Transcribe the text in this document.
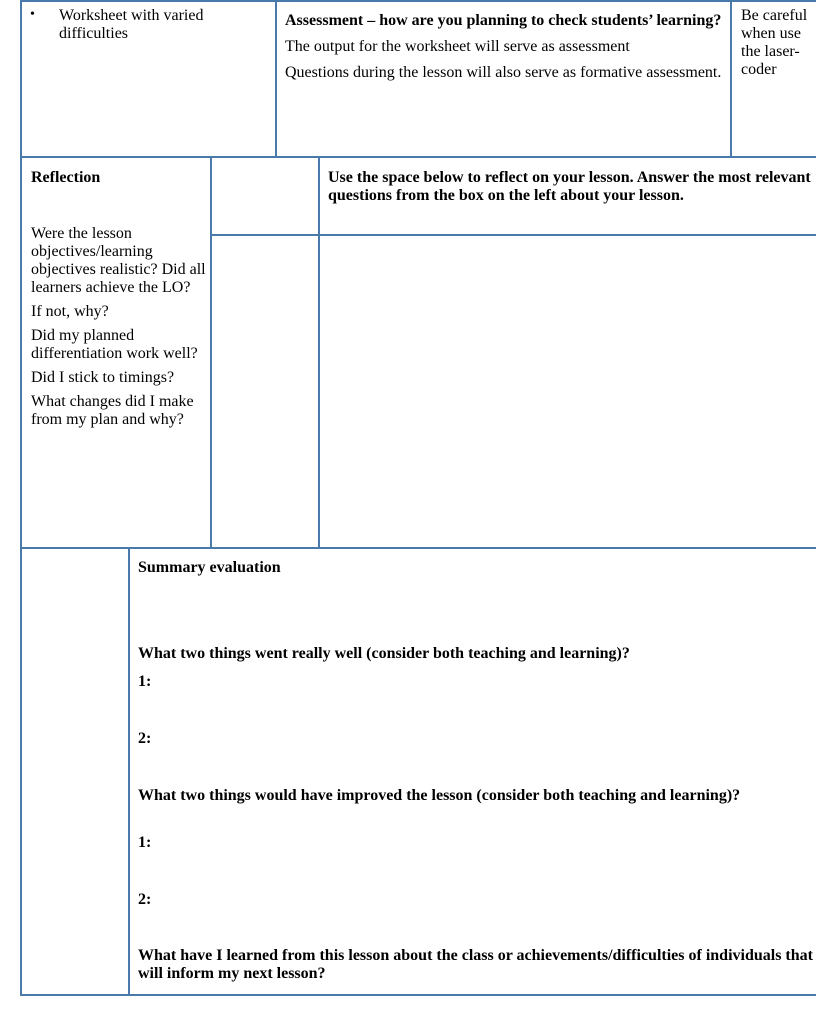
• Worksheet with varied difficulties

Assessment – how are you planning to check students’ learning?

The output for the worksheet will serve as assessment

Questions during the lesson will also serve as formative assessment.

Be careful when use the laser-coder
Reflection

Were the lesson objectives/learning objectives realistic? Did all learners achieve the LO?

If not, why?

Did my planned differentiation work well?

Did I stick to timings?

What changes did I make from my plan and why?

Use the space below to reflect on your lesson. Answer the most relevant questions from the box on the left about your lesson.
Summary evaluation
What two things went really well (consider both teaching and learning)?
1:
2:
What two things would have improved the lesson (consider both teaching and learning)?
1:
2:
What have I learned from this lesson about the class or achievements/difficulties of individuals that will inform my next lesson?
